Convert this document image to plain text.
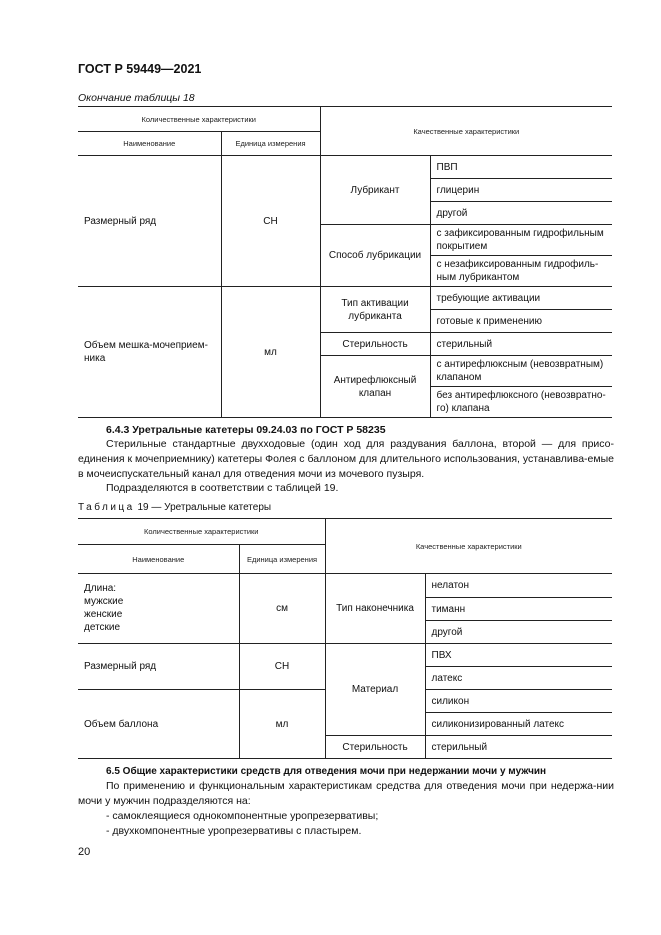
ГОСТ Р 59449—2021
Окончание таблицы 18
Количественные характеристики		Качественные характеристики	
Наименование	Единица измерения		
Размерный ряд	СН	Лубрикант	ПВП
			глицерин
			другой
		Способ лубрикации	с зафиксированным гидрофильным покрытием
			с незафиксированным гидрофиль-ным лубрикантом
Объем мешка-мочеприем-ника	мл	Тип активации лубриканта	требующие активации
			готовые к применению
		Стерильность	стерильный
		Антирефлюксный клапан	с антирефлюксным (невозвратным) клапаном
			без антирефлюксного (невозвратно-го) клапана
6.4.3 Уретральные катетеры 09.24.03 по ГОСТ Р 58235
Стерильные стандартные двухходовые (один ход для раздувания баллона, второй — для присо-единения к мочеприемнику) катетеры Фолея с баллоном для длительного использования, устанавлива-емые в мочеиспускательный канал для отведения мочи из мочевого пузыря.
Подразделяются в соответствии с таблицей 19.
Таблица 19 — Уретральные катетеры
Количественные характеристики		Качественные характеристики	
Наименование	Единица измерения		

Длина:
мужские
женские
детские	см	Тип наконечника	нелатон
			тиманн
			другой
Размерный ряд	СН	Материал	ПВХ
			латекс
Объем баллона	мл		силикон
			силиконизированный латекс
		Стерильность	стерильный
6.5 Общие характеристики средств для отведения мочи при недержании мочи у мужчин
По применению и функциональным характеристикам средства для отведения мочи при недержа-нии мочи у мужчин подразделяются на:
- самоклеящиеся однокомпонентные уропрезервативы;
- двухкомпонентные уропрезервативы с пластырем.
20
